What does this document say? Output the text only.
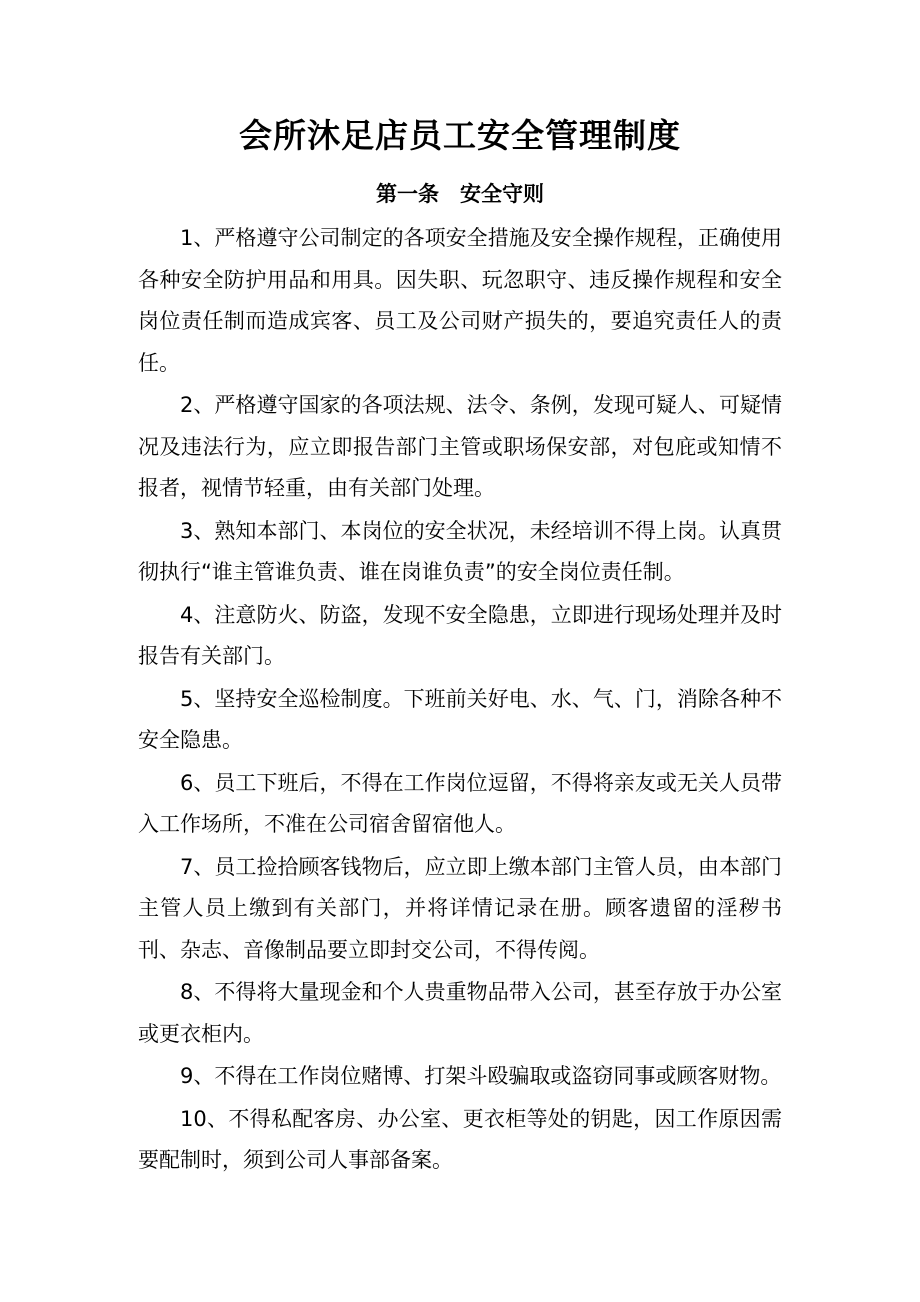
会所沐足店员工安全管理制度
第一条　安全守则

1、严格遵守公司制定的各项安全措施及安全操作规程，正确使用各种安全防护用品和用具。因失职、玩忽职守、违反操作规程和安全岗位责任制而造成宾客、员工及公司财产损失的，要追究责任人的责任。

2、严格遵守国家的各项法规、法令、条例，发现可疑人、可疑情况及违法行为，应立即报告部门主管或职场保安部，对包庇或知情不报者，视情节轻重，由有关部门处理。

3、熟知本部门、本岗位的安全状况，未经培训不得上岗。认真贯彻执行“谁主管谁负责、谁在岗谁负责”的安全岗位责任制。

4、注意防火、防盗，发现不安全隐患，立即进行现场处理并及时报告有关部门。

5、坚持安全巡检制度。下班前关好电、水、气、门，消除各种不安全隐患。

6、员工下班后，不得在工作岗位逗留，不得将亲友或无关人员带入工作场所，不准在公司宿舍留宿他人。

7、员工捡拾顾客钱物后，应立即上缴本部门主管人员，由本部门主管人员上缴到有关部门，并将详情记录在册。顾客遗留的淫秽书刊、杂志、音像制品要立即封交公司，不得传阅。

8、不得将大量现金和个人贵重物品带入公司，甚至存放于办公室或更衣柜内。

9、不得在工作岗位赌博、打架斗殴骗取或盗窃同事或顾客财物。

10、不得私配客房、办公室、更衣柜等处的钥匙，因工作原因需要配制时，须到公司人事部备案。
